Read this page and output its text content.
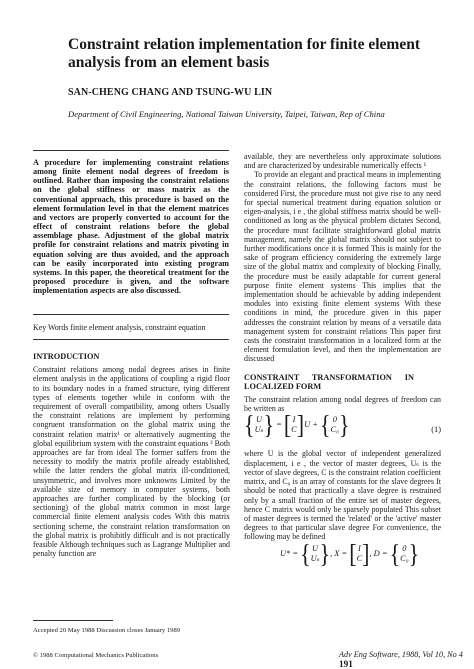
Constraint relation implementation for finite element analysis from an element basis
SAN-CHENG CHANG AND TSUNG-WU LIN
Department of Civil Engineering, National Taiwan University, Taipei, Taiwan, Rep of China
A procedure for implementing constraint relations among finite element nodal degrees of freedom is outlined. Rather than imposing the constraint relations on the global stiffness or mass matrix as the conventional approach, this procedure is based on the element formulation level in that the element matrices and vectors are properly converted to account for the effect of constraint relations before the global assemblage phase. Adjustment of the global matrix profile for constraint relations and matrix pivoting in equation solving are thus avoided, and the approach can be easily incorporated into existing program systems. In this paper, the theoretical treatment for the proposed procedure is given, and the software implementation aspects are also discussed.
Key Words finite element analysis, constraint equation
INTRODUCTION

Constraint relations among nodal degrees arises in finite element analysis in the applications of coupling a rigid floor to its boundary nodes in a framed structure, tying different types of elements together while in conform with the requirement of overall compatibility, among others Usually the constraint relations are implement by performing congruent transformation on the global matrix using the constraint relation matrix¹ or alternatively augmenting the global equilibrium system with the constraint equations ² Both approaches are far from ideal The former suffers from the necessity to modify the matrix profile already established, while the latter renders the global matrix ill-conditioned, unsymmetric, and involves more unknowns Limited by the available size of memory in computer systems, both approaches are further complicated by the blocking (or sectioning) of the global matrix common in most large commercial finite element analysis codes With this matrix sectioning scheme, the constraint relation transformation on the global matrix is prohibitly difficult and is not practically feasible Although techniques such as Lagrange Multiplier and penalty function are

Accepted 20 May 1988 Discussion closes January 1989

available, they are nevertheless only approximate solutions and are characterized by undesirable numerically effects ¹

To provide an elegant and practical means in implementing the constraint relations, the following factors must be considered First, the procedure must not give rise to any need for special numerical treatment during equation solution or eigen-analysis, i e , the global stiffness matrix should be well-conditioned as long as the physical problem dictates Second, the procedure must facilitate straightforward global matrix management, namely the global matrix should not subject to further modifications once it is formed This is mainly for the sake of program efficiency considering the extremely large size of the global matrix and complexity of blocking Finally, the procedure must be easily adaptable for current general purpose finite element systems This implies that the implementation should be achievable by adding independent modules into existing finite element systems With these conditions in mind, the procedure given in this paper addresses the constraint relation by means of a versatile data management system for constraint relations This paper first casts the constraint transformation in a localized form at the element formulation level, and then the implementation are discussed

CONSTRAINT TRANSFORMATION IN LOCALIZED FORM

The constraint relation among nodal degrees of freedom can be written as

{U
Uₛ} = [I
C]U + { 0
C₀}	(1)

where U is the global vector of independent generalized displacement, i e , the vector of master degrees, Uₛ is the vector of slave degrees, C is the constraint relation coefficient matrix, and C₀ is an array of constants for the slave degrees It should be noted that practically a slave degree is restrained only by a small fraction of the entire set of master degrees, hence C matrix would only be sparsely populated This subset of master degrees is termed the 'related' or the 'active' master degrees to that particular slave degree For convenience, the following may be defined

U* = {U
Uₛ}, X = [I
C], D = { 0
C₀}
© 1988 Computational Mechanics Publications	Adv Eng Software, 1988, Vol 10, No 4 191
